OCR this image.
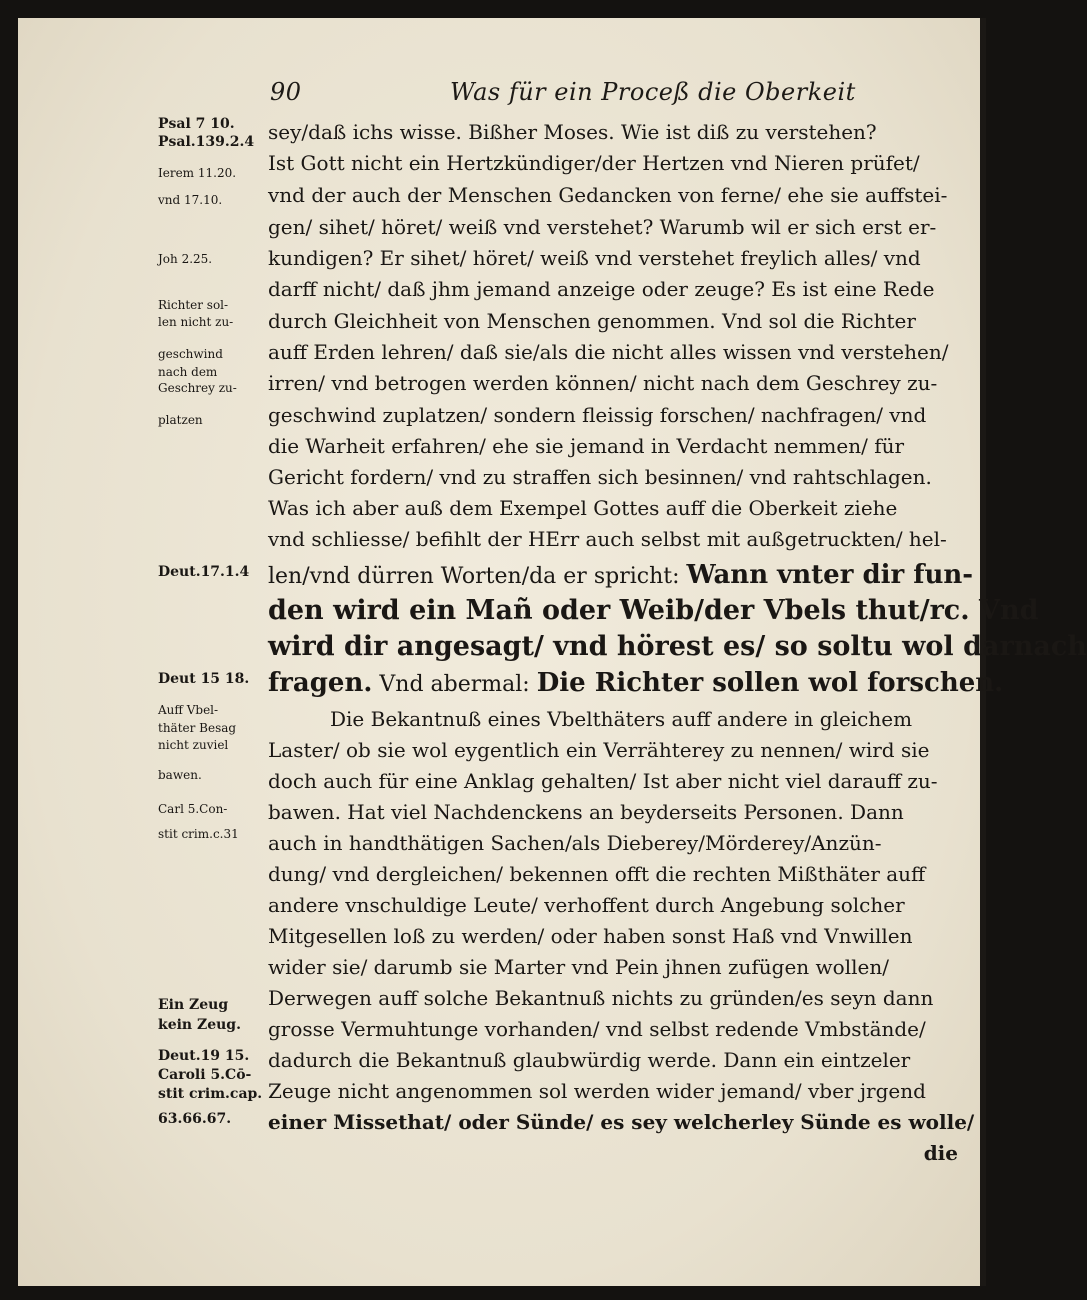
90	Was für ein Proceß die Oberkeit
Psal 7 10.
Psal.139.2.4
Ierem 11.20.
vnd 17.10.
Joh 2.25.
Richter sol-
len nicht zu-
geschwind
nach dem
Geschrey zu-
platzen
Deut.17.1.4
Deut 15 18.
Auff Vbel-
thäter Besag
nicht zuviel
bawen.
Carl 5.Con-
stit crim.c.31
Ein Zeug
kein Zeug.
Deut.19 15.
Caroli 5.Cō-
stit crim.cap.
63.66.67.
sey/daß ichs wisse. Bißher Moses. Wie ist diß zu verstehen?
Ist Gott nicht ein Hertzkündiger/der Hertzen vnd Nieren prüfet/
vnd der auch der Menschen Gedancken von ferne/ ehe sie auffstei-
gen/ sihet/ höret/ weiß vnd verstehet? Warumb wil er sich erst er-
kundigen? Er sihet/ höret/ weiß vnd verstehet freylich alles/ vnd
darff nicht/ daß jhm jemand anzeige oder zeuge? Es ist eine Rede
durch Gleichheit von Menschen genommen. Vnd sol die Richter
auff Erden lehren/ daß sie/als die nicht alles wissen vnd verstehen/
irren/ vnd betrogen werden können/ nicht nach dem Geschrey zu-
geschwind zuplatzen/ sondern fleissig forschen/ nachfragen/ vnd
die Warheit erfahren/ ehe sie jemand in Verdacht nemmen/ für
Gericht fordern/ vnd zu straffen sich besinnen/ vnd rahtschlagen.
Was ich aber auß dem Exempel Gottes auff die Oberkeit ziehe
vnd schliesse/ befihlt der HErr auch selbst mit außgetruckten/ hel-
len/vnd dürren Worten/da er spricht: Wann vnter dir fun-
den wird ein Mañ oder Weib/der Vbels thut/rc. Vnd
wird dir angesagt/ vnd hörest es/ so soltu wol darnach
fragen. Vnd abermal: Die Richter sollen wol forschen.
Die Bekantnuß eines Vbelthäters auff andere in gleichem
Laster/ ob sie wol eygentlich ein Verrähterey zu nennen/ wird sie
doch auch für eine Anklag gehalten/ Ist aber nicht viel darauff zu-
bawen. Hat viel Nachdenckens an beyderseits Personen. Dann
auch in handthätigen Sachen/als Dieberey/Mörderey/Anzün-
dung/ vnd dergleichen/ bekennen offt die rechten Mißthäter auff
andere vnschuldige Leute/ verhoffent durch Angebung solcher
Mitgesellen loß zu werden/ oder haben sonst Haß vnd Vnwillen
wider sie/ darumb sie Marter vnd Pein jhnen zufügen wollen/
Derwegen auff solche Bekantnuß nichts zu gründen/es seyn dann
grosse Vermuhtunge vorhanden/ vnd selbst redende Vmbstände/
dadurch die Bekantnuß glaubwürdig werde. Dann ein eintzeler
Zeuge nicht angenommen sol werden wider jemand/ vber jrgend
einer Missethat/ oder Sünde/ es sey welcherley Sünde es wolle/
die
